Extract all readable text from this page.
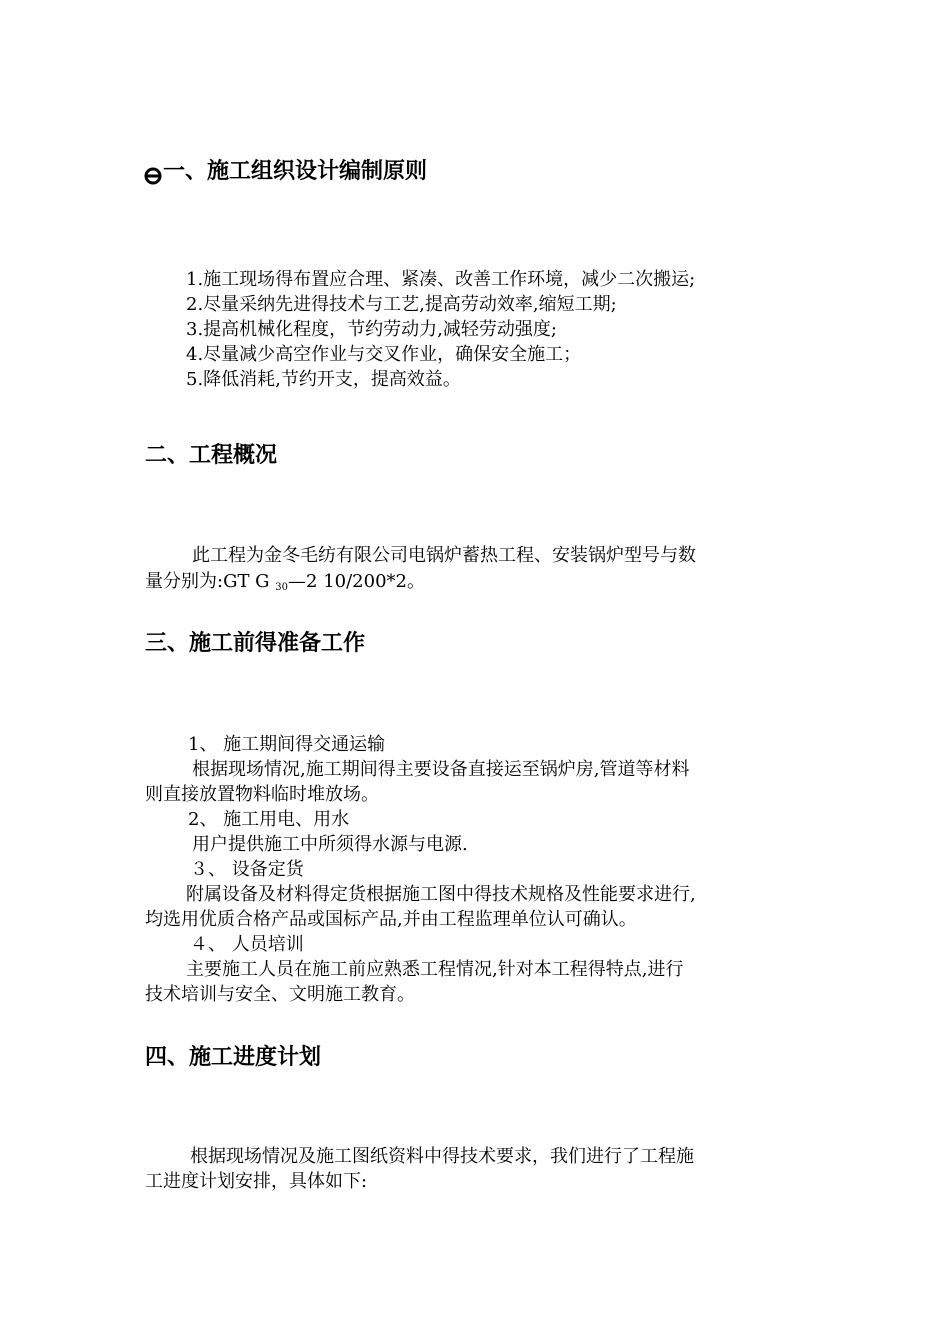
一、施工组织设计编制原则

1.施工现场得布置应合理、紧凑、改善工作环境，减少二次搬运;

2.尽量采纳先进得技术与工艺,提高劳动效率,缩短工期;

3.提高机械化程度，节约劳动力,减轻劳动强度;

4.尽量减少高空作业与交叉作业，确保安全施工；

5.降低消耗,节约开支，提高效益。

二、工程概况

此工程为金冬毛纺有限公司电锅炉蓄热工程、安装锅炉型号与数

量分别为:GT G 30—2 10/200*2。

三、施工前得准备工作

1、 施工期间得交通运输

根据现场情况,施工期间得主要设备直接运至锅炉房,管道等材料

则直接放置物料临时堆放场。

2、 施工用电、用水

用户提供施工中所须得水源与电源.

３、 设备定货

附属设备及材料得定货根据施工图中得技术规格及性能要求进行,

均选用优质合格产品或国标产品,并由工程监理单位认可确认。

４、 人员培训

主要施工人员在施工前应熟悉工程情况,针对本工程得特点,进行

技术培训与安全、文明施工教育。

四、施工进度计划

根据现场情况及施工图纸资料中得技术要求，我们进行了工程施

工进度计划安排，具体如下:
